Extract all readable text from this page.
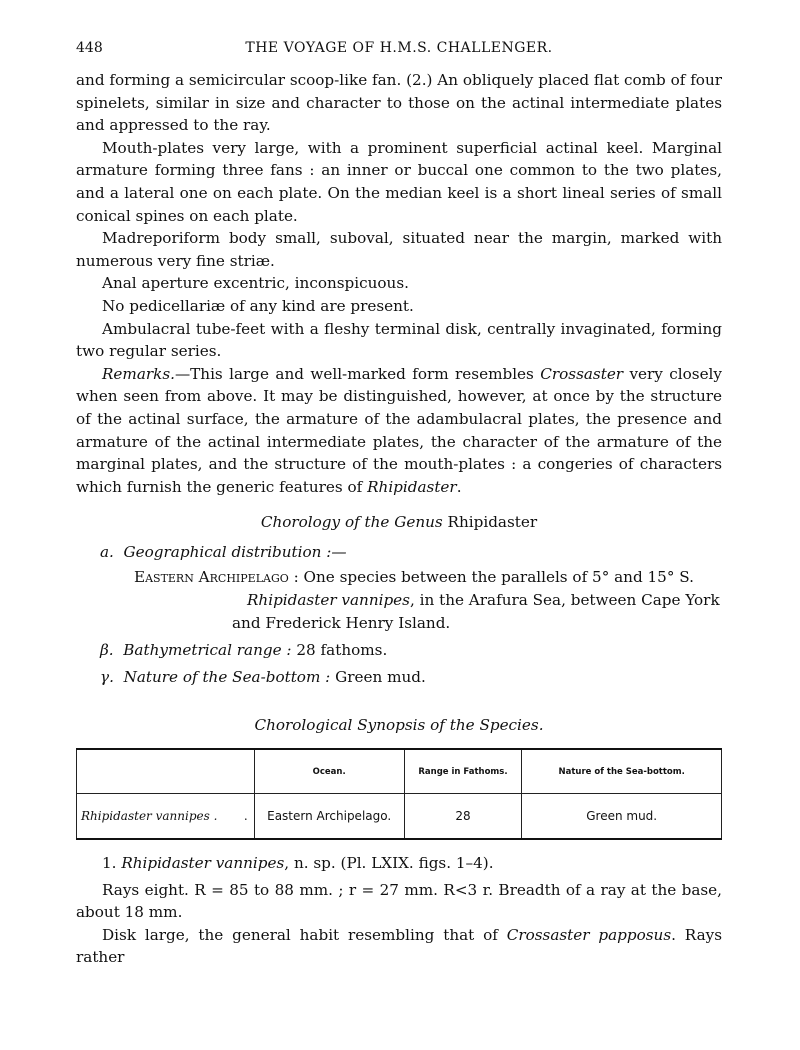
448	THE VOYAGE OF H.M.S. CHALLENGER.

and forming a semicircular scoop-like fan. (2.) An obliquely placed flat comb of four spinelets, similar in size and character to those on the actinal intermediate plates and appressed to the ray.

Mouth-plates very large, with a prominent superficial actinal keel. Marginal armature forming three fans : an inner or buccal one common to the two plates, and a lateral one on each plate. On the median keel is a short lineal series of small conical spines on each plate.

Madreporiform body small, suboval, situated near the margin, marked with numerous very fine striæ.

Anal aperture excentric, inconspicuous.

No pedicellariæ of any kind are present.

Ambulacral tube-feet with a fleshy terminal disk, centrally invaginated, forming two regular series.

Remarks.—This large and well-marked form resembles Crossaster very closely when seen from above. It may be distinguished, however, at once by the structure of the actinal surface, the armature of the adambulacral plates, the presence and armature of the actinal intermediate plates, the character of the armature of the marginal plates, and the structure of the mouth-plates : a congeries of characters which furnish the generic features of Rhipidaster.

Chorology of the Genus Rhipidaster
a. Geographical distribution :—
Eastern Archipelago : One species between the parallels of 5° and 15° S.
Rhipidaster vannipes, in the Arafura Sea, between Cape York
and Frederick Henry Island.
β. Bathymetrical range : 28 fathoms.
γ. Nature of the Sea-bottom : Green mud.
Chorological Synopsis of the Species.
	Ocean.	Range in Fathoms.	Nature of the Sea-bottom.
Rhipidaster vannipes . .	Eastern Archipelago.	28	Green mud.

1. Rhipidaster vannipes, n. sp. (Pl. LXIX. figs. 1–4).

Rays eight. R = 85 to 88 mm. ; r = 27 mm. R<3 r. Breadth of a ray at the base, about 18 mm.

Disk large, the general habit resembling that of Crossaster papposus. Rays rather
